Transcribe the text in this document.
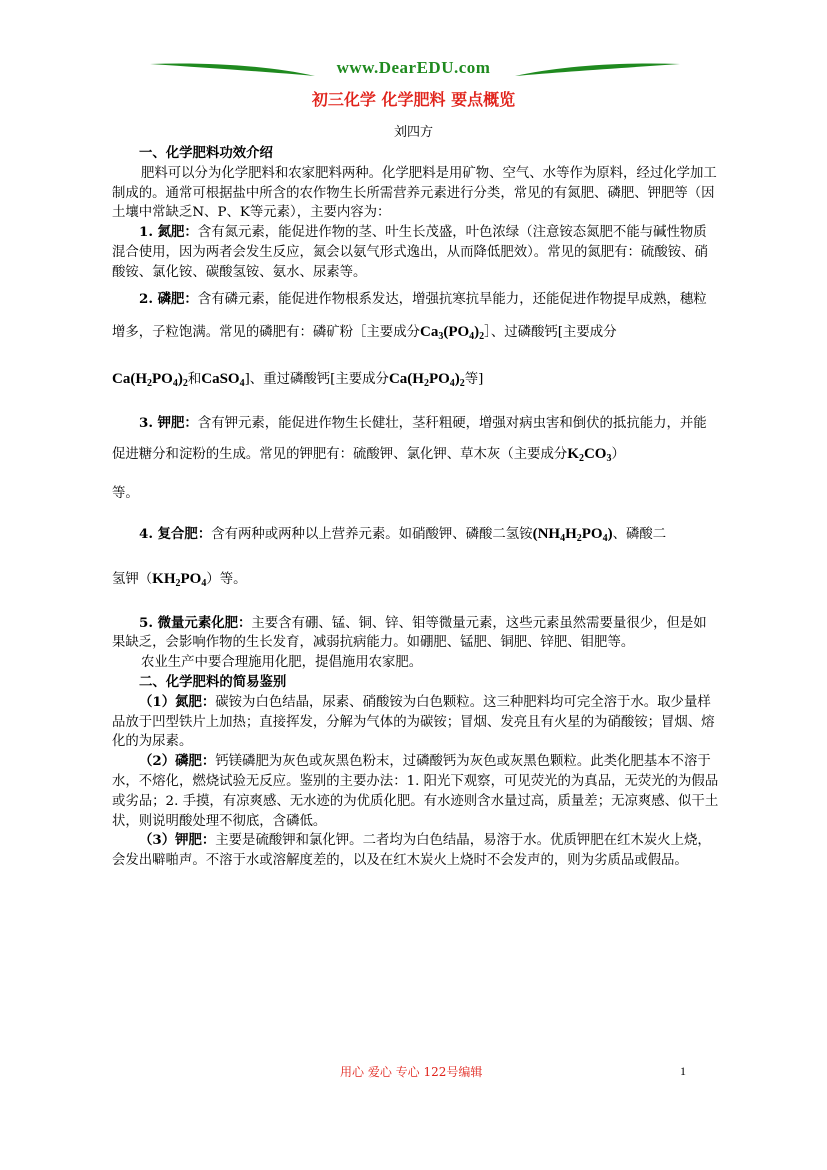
www.DearEDU.com
初三化学 化学肥料 要点概览
刘四方

一、化学肥料功效介绍

肥料可以分为化学肥料和农家肥料两种。化学肥料是用矿物、空气、水等作为原料，经过化学加工制成的。通常可根据盐中所含的农作物生长所需营养元素进行分类，常见的有氮肥、磷肥、钾肥等（因土壤中常缺乏N、P、K等元素），主要内容为：

1. 氮肥：含有氮元素，能促进作物的茎、叶生长茂盛，叶色浓绿（注意铵态氮肥不能与碱性物质混合使用，因为两者会发生反应，氮会以氨气形式逸出，从而降低肥效）。常见的氮肥有：硫酸铵、硝酸铵、氯化铵、碳酸氢铵、氨水、尿素等。

2. 磷肥：含有磷元素，能促进作物根系发达，增强抗寒抗旱能力，还能促进作物提早成熟，穗粒增多，子粒饱满。常见的磷肥有：磷矿粉［主要成分$Ca_3(PO_4)_2]$、过磷酸钙[主要成分

$Ca(H_2PO_4)_2$和CaSO$_4$]、重过磷酸钙[主要成分$Ca(H_2PO_4)_2$等]

3. 钾肥：含有钾元素，能促进作物生长健壮，茎秆粗硬，增强对病虫害和倒伏的抵抗能力，并能促进糖分和淀粉的生成。常见的钾肥有：硫酸钾、氯化钾、草木灰（主要成分$K_2CO_3$）

等。

4. 复合肥：含有两种或两种以上营养元素。如硝酸钾、磷酸二氢铵$(NH_4H_2PO_4)$、磷酸二

氢钾$(KH_2PO_4)$等。

5. 微量元素化肥：主要含有硼、锰、铜、锌、钼等微量元素，这些元素虽然需要量很少，但是如果缺乏，会影响作物的生长发育，减弱抗病能力。如硼肥、锰肥、铜肥、锌肥、钼肥等。

农业生产中要合理施用化肥，提倡施用农家肥。

二、化学肥料的简易鉴别

（1）氮肥：碳铵为白色结晶，尿素、硝酸铵为白色颗粒。这三种肥料均可完全溶于水。取少量样品放于凹型铁片上加热；直接挥发，分解为气体的为碳铵；冒烟、发亮且有火星的为硝酸铵；冒烟、熔化的为尿素。

（2）磷肥：钙镁磷肥为灰色或灰黑色粉末，过磷酸钙为灰色或灰黑色颗粒。此类化肥基本不溶于水，不熔化，燃烧试验无反应。鉴别的主要办法：1. 阳光下观察，可见荧光的为真品，无荧光的为假品或劣品；2. 手摸，有凉爽感、无水迹的为优质化肥。有水迹则含水量过高，质量差；无凉爽感、似干土状，则说明酸处理不彻底，含磷低。

（3）钾肥：主要是硫酸钾和氯化钾。二者均为白色结晶，易溶于水。优质钾肥在红木炭火上烧，会发出噼啪声。不溶于水或溶解度差的，以及在红木炭火上烧时不会发声的，则为劣质品或假品。

用心 爱心 专心 122号编辑	1
